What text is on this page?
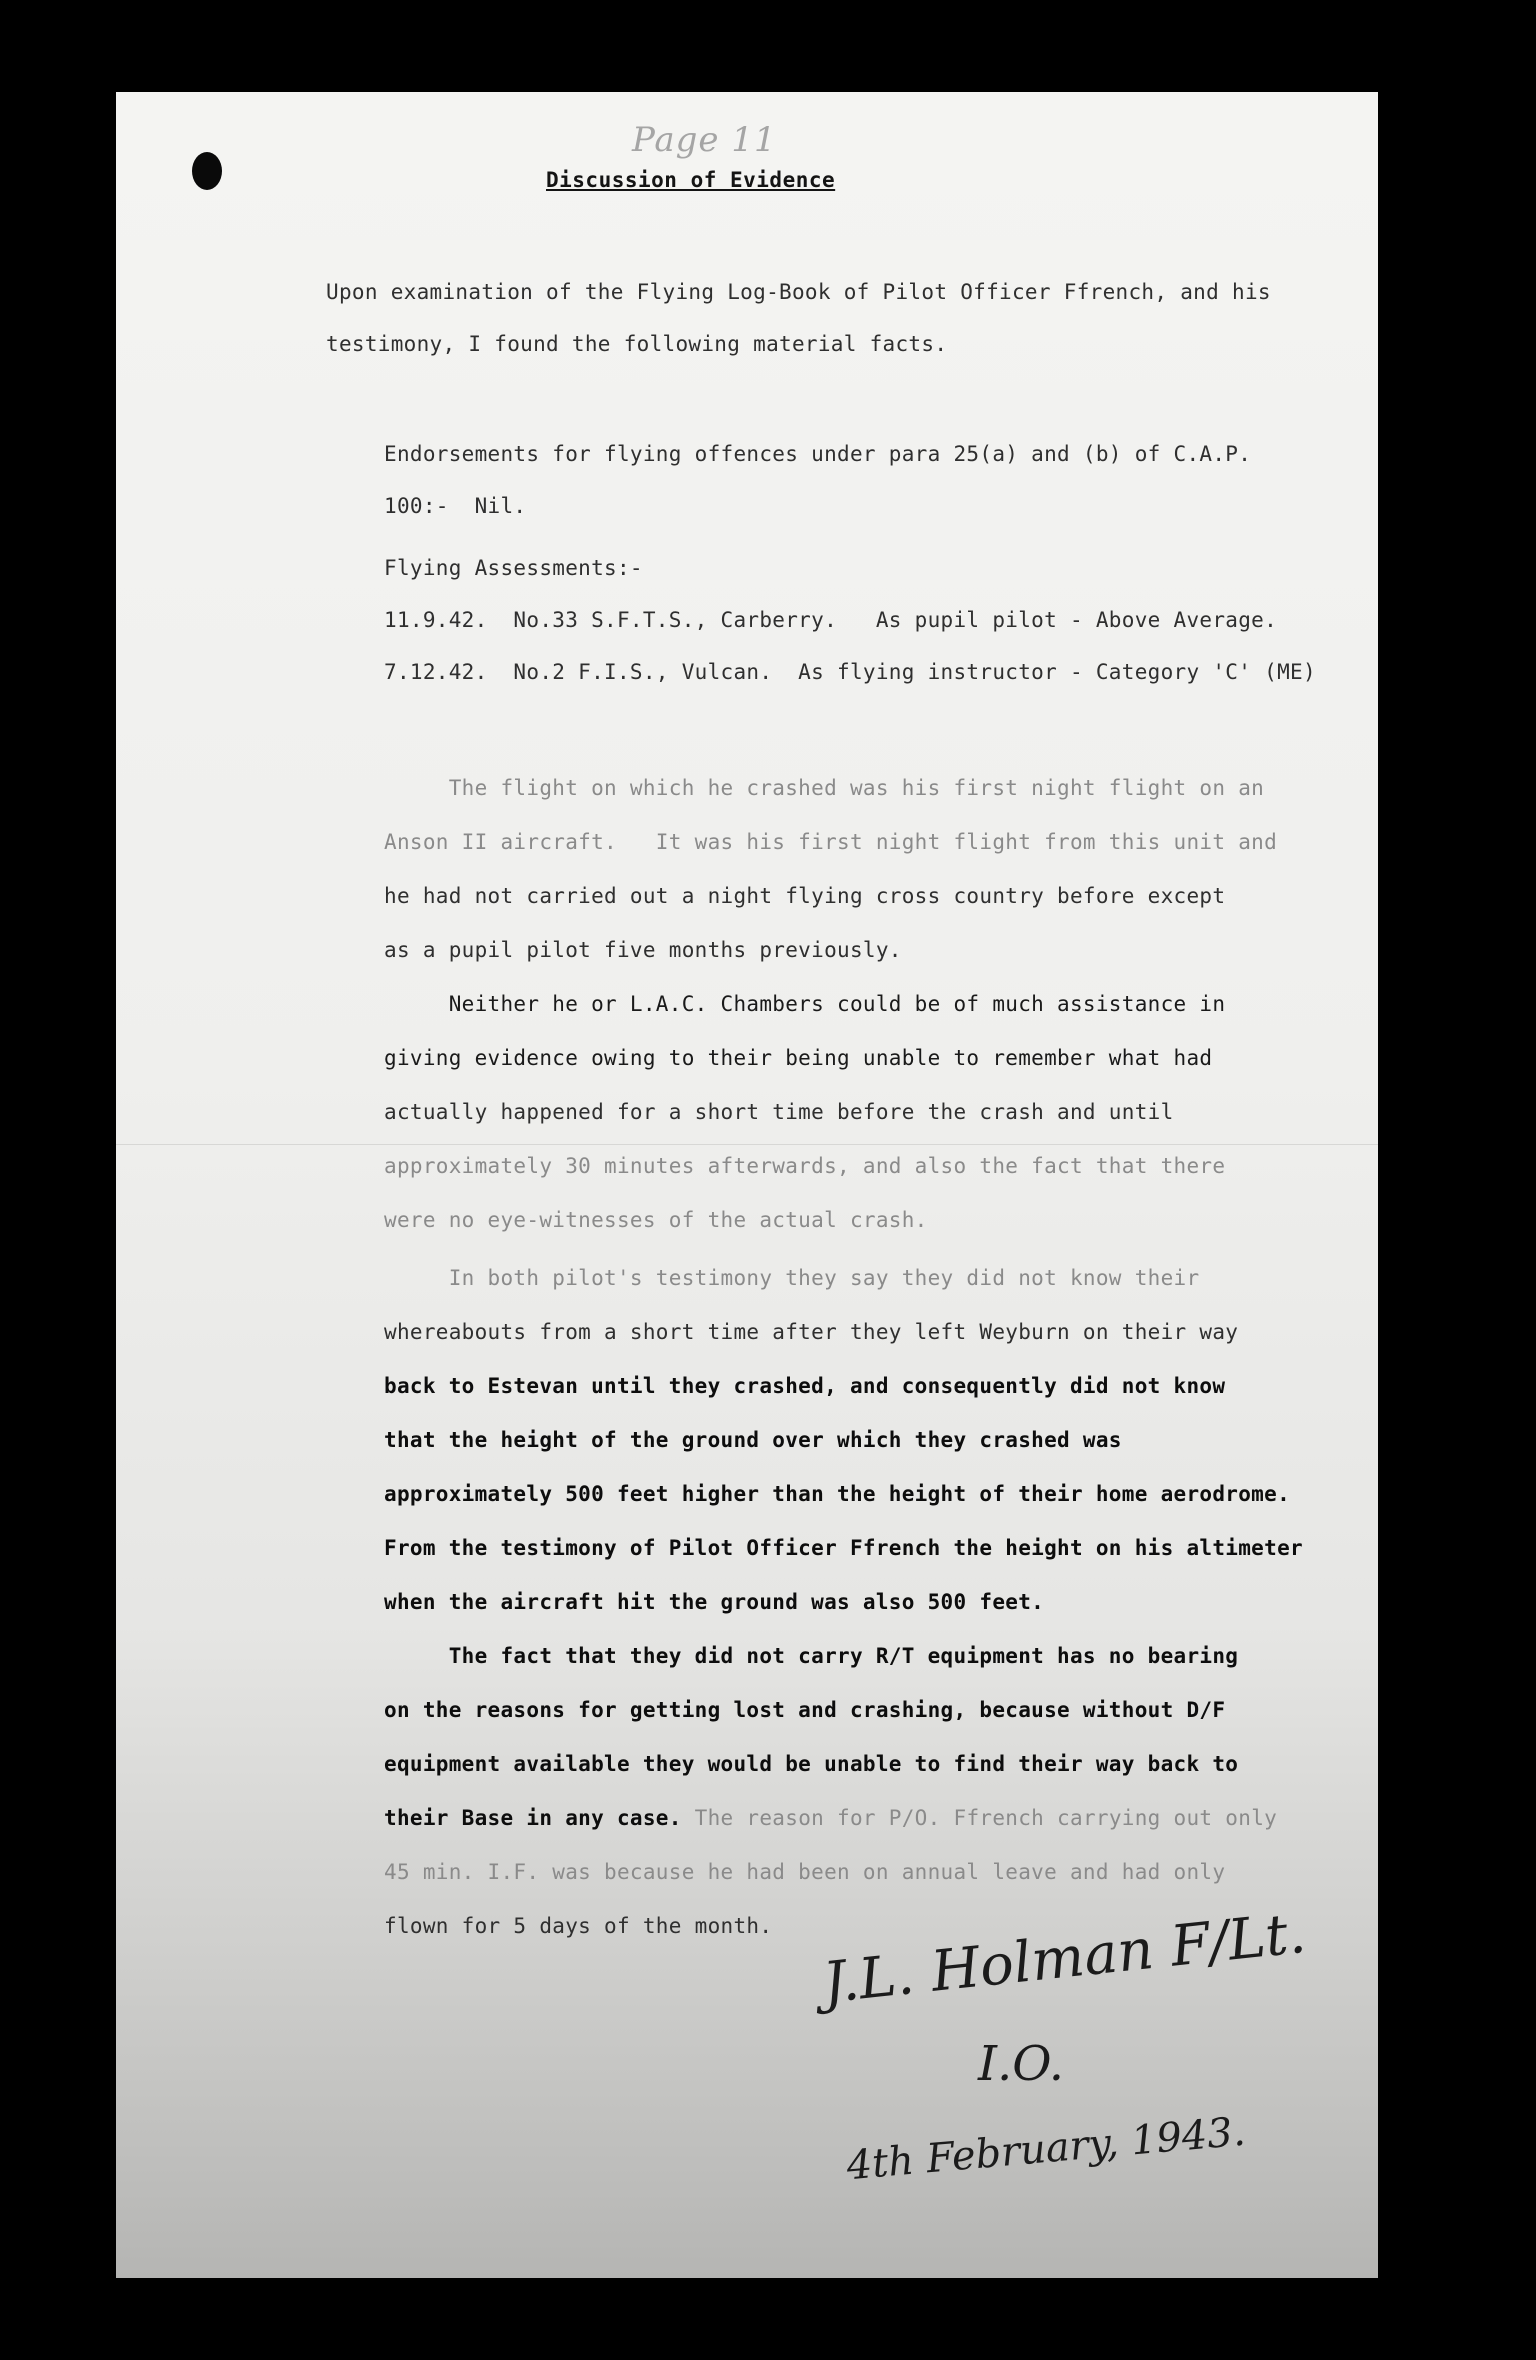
Page 11
Discussion of Evidence
Upon examination of the Flying Log-Book of Pilot Officer Ffrench, and his
testimony, I found the following material facts.
Endorsements for flying offences under para 25(a) and (b) of C.A.P.
100:-  Nil.
Flying Assessments:-
11.9.42.  No.33 S.F.T.S., Carberry.   As pupil pilot - Above Average.
7.12.42.  No.2 F.I.S., Vulcan.  As flying instructor - Category 'C' (ME)
The flight on which he crashed was his first night flight on an
Anson II aircraft.   It was his first night flight from this unit and
he had not carried out a night flying cross country before except
as a pupil pilot five months previously.
Neither he or L.A.C. Chambers could be of much assistance in
giving evidence owing to their being unable to remember what had
actually happened for a short time before the crash and until
approximately 30 minutes afterwards, and also the fact that there
were no eye-witnesses of the actual crash.
In both pilot's testimony they say they did not know their
whereabouts from a short time after they left Weyburn on their way
back to Estevan until they crashed, and consequently did not know
that the height of the ground over which they crashed was
approximately 500 feet higher than the height of their home aerodrome.
From the testimony of Pilot Officer Ffrench the height on his altimeter
when the aircraft hit the ground was also 500 feet.
The fact that they did not carry R/T equipment has no bearing
on the reasons for getting lost and crashing, because without D/F
equipment available they would be unable to find their way back to
their Base in any case. The reason for P/O. Ffrench carrying out only
45 min. I.F. was because he had been on annual leave and had only
flown for 5 days of the month. J.L. Holman F/Lt.
I.O.
4th February, 1943.
